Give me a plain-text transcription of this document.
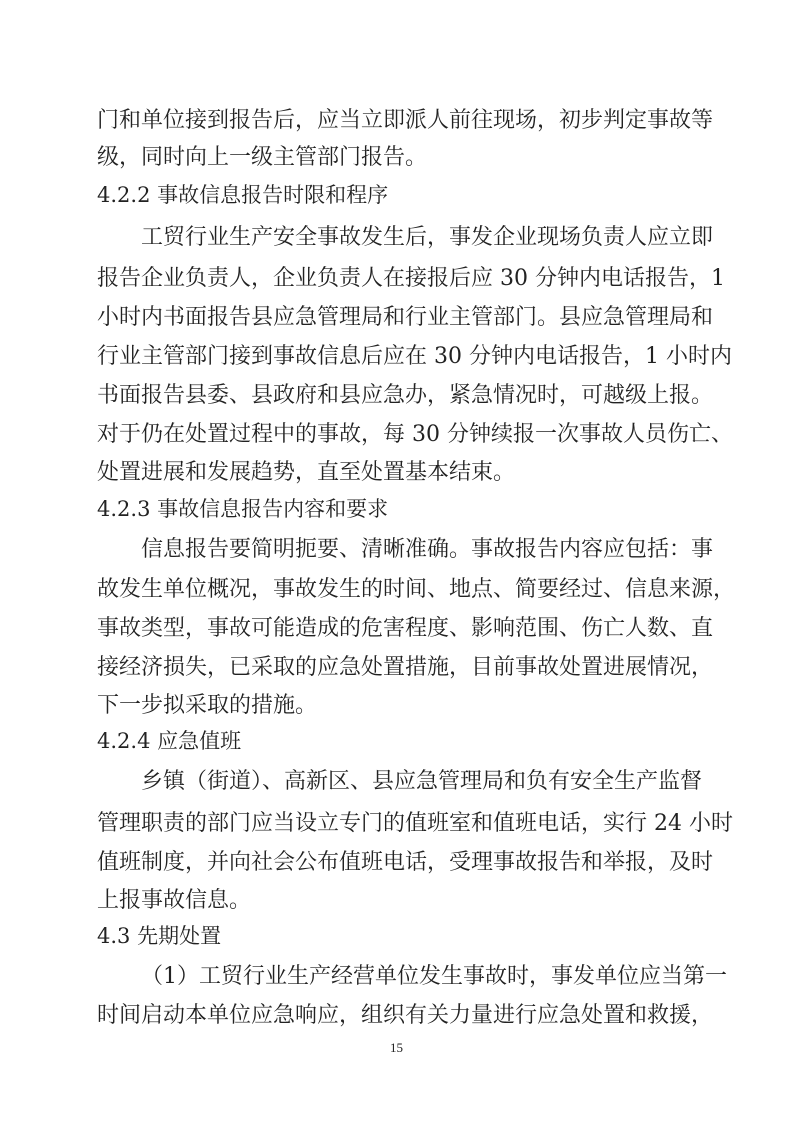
门和单位接到报告后，应当立即派人前往现场，初步判定事故等

级，同时向上一级主管部门报告。

4.2.2 事故信息报告时限和程序

工贸行业生产安全事故发生后，事发企业现场负责人应立即

报告企业负责人，企业负责人在接报后应 30 分钟内电话报告，1

小时内书面报告县应急管理局和行业主管部门。县应急管理局和

行业主管部门接到事故信息后应在 30 分钟内电话报告，1 小时内

书面报告县委、县政府和县应急办，紧急情况时，可越级上报。

对于仍在处置过程中的事故，每 30 分钟续报一次事故人员伤亡、

处置进展和发展趋势，直至处置基本结束。

4.2.3 事故信息报告内容和要求

信息报告要简明扼要、清晰准确。事故报告内容应包括：事

故发生单位概况，事故发生的时间、地点、简要经过、信息来源，

事故类型，事故可能造成的危害程度、影响范围、伤亡人数、直

接经济损失，已采取的应急处置措施，目前事故处置进展情况，

下一步拟采取的措施。

4.2.4 应急值班

乡镇（街道）、高新区、县应急管理局和负有安全生产监督

管理职责的部门应当设立专门的值班室和值班电话，实行 24 小时

值班制度，并向社会公布值班电话，受理事故报告和举报，及时

上报事故信息。

4.3 先期处置

（1）工贸行业生产经营单位发生事故时，事发单位应当第一

时间启动本单位应急响应，组织有关力量进行应急处置和救援，

15
